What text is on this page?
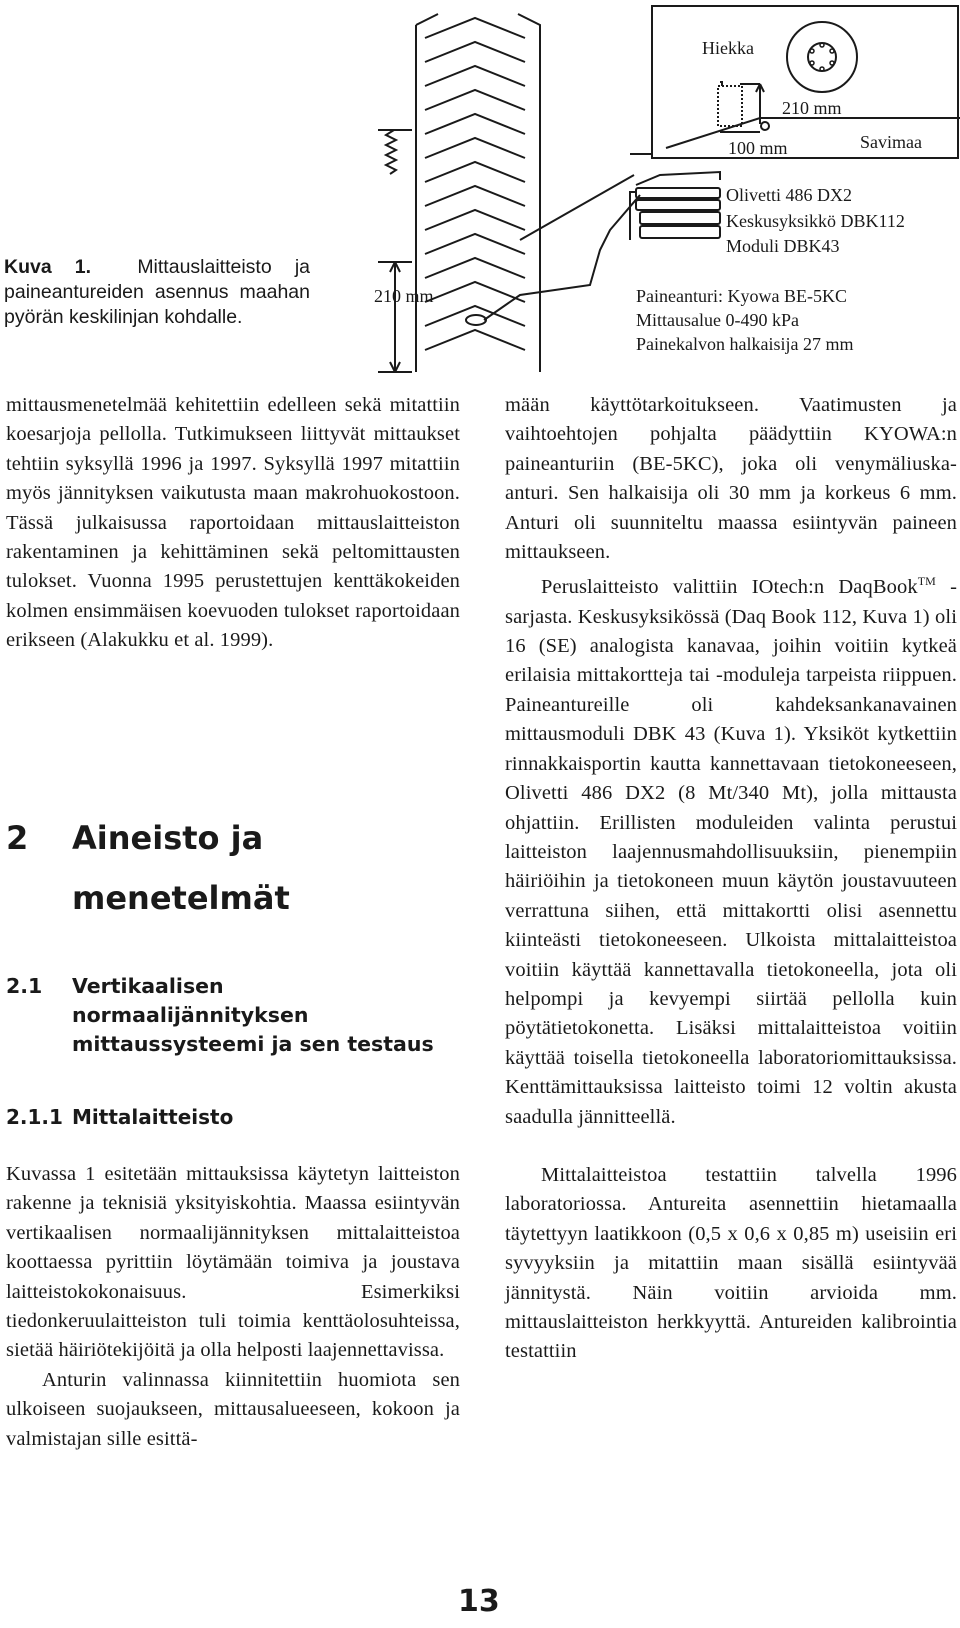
Kuva 1. Mittauslaitteisto ja paineantureiden asennus maahan pyörän keskilinjan kohdalle.

Hiekka
210 mm
100 mm	Savimaa
Olivetti 486 DX2
Keskusyksikkö DBK112
Moduli DBK43
210 mm	Paineanturi: Kyowa BE-5KC
Mittausalue 0-490 kPa
Painekalvon halkaisija 27 mm

mittausmenetelmää kehitettiin edelleen sekä mitattiin koesarjoja pellolla. Tutkimukseen liittyvät mittaukset tehtiin syksyllä 1996 ja 1997. Syksyllä 1997 mitattiin myös jännityksen vaikutusta maan makrohuokostoon. Tässä julkaisussa raportoidaan mittauslaitteiston rakentaminen ja kehittäminen sekä peltomittausten tulokset. Vuonna 1995 perustettujen kenttäkokeiden kolmen ensimmäisen koevuoden tulokset raportoidaan erikseen (Alakukku et al. 1999).

2 Aineisto ja
menetelmät
2.1	Vertikaalisen normaalijännityksen mittaussysteemi ja sen testaus
2.1.1 Mittalaitteisto

Kuvassa 1 esitetään mittauksissa käytetyn laitteiston rakenne ja teknisiä yksityiskohtia. Maassa esiintyvän vertikaalisen normaalijännityksen mittalaitteistoa koottaessa pyrittiin löytämään toimiva ja joustava laitteistokokonaisuus. Esimerkiksi tiedonkeruulaitteiston tuli toimia kenttäolosuhteissa, sietää häiriötekijöitä ja olla helposti laajennettavissa.

Anturin valinnassa kiinnitettiin huomiota sen ulkoiseen suojaukseen, mittausalueeseen, kokoon ja valmistajan sille esittä-

mään käyttötarkoitukseen. Vaatimusten ja vaihtoehtojen pohjalta päädyttiin KYOWA:n paineanturiin (BE-5KC), joka oli venymäliuska-anturi. Sen halkaisija oli 30 mm ja korkeus 6 mm. Anturi oli suunniteltu maassa esiintyvän paineen mittaukseen.

Peruslaitteisto valittiin IOtech:n DaqBook™ -sarjasta. Keskusyksikössä (Daq Book 112, Kuva 1) oli 16 (SE) analogista kanavaa, joihin voitiin kytkeä erilaisia mittakortteja tai -moduleja tarpeista riippuen. Paineantureille oli kahdeksankanavainen mittausmoduli DBK 43 (Kuva 1). Yksiköt kytkettiin rinnakkaisportin kautta kannettavaan tietokoneeseen, Olivetti 486 DX2 (8 Mt/340 Mt), jolla mittausta ohjattiin. Erillisten moduleiden valinta perustui laitteiston laajennusmahdollisuuksiin, pienempiin häiriöihin ja tietokoneen muun käytön joustavuuteen verrattuna siihen, että mittakortti olisi asennettu kiinteästi tietokoneeseen. Ulkoista mittalaitteistoa voitiin käyttää kannettavalla tietokoneella, jota oli helpompi ja kevyempi siirtää pellolla kuin pöytätietokonetta. Lisäksi mittalaitteistoa voitiin käyttää toisella tietokoneella laboratoriomittauksissa. Kenttämittauksissa laitteisto toimi 12 voltin akusta saadulla jännitteellä.

Mittalaitteistoa testattiin talvella 1996 laboratoriossa. Antureita asennettiin hietamaalla täytettyyn laatikkoon (0,5 x 0,6 x 0,85 m) useisiin eri syvyyksiin ja mitattiin maan sisällä esiintyvää jännitystä. Näin voitiin arvioida mm. mittauslaitteiston herkkyyttä. Antureiden kalibrointia testattiin

13
